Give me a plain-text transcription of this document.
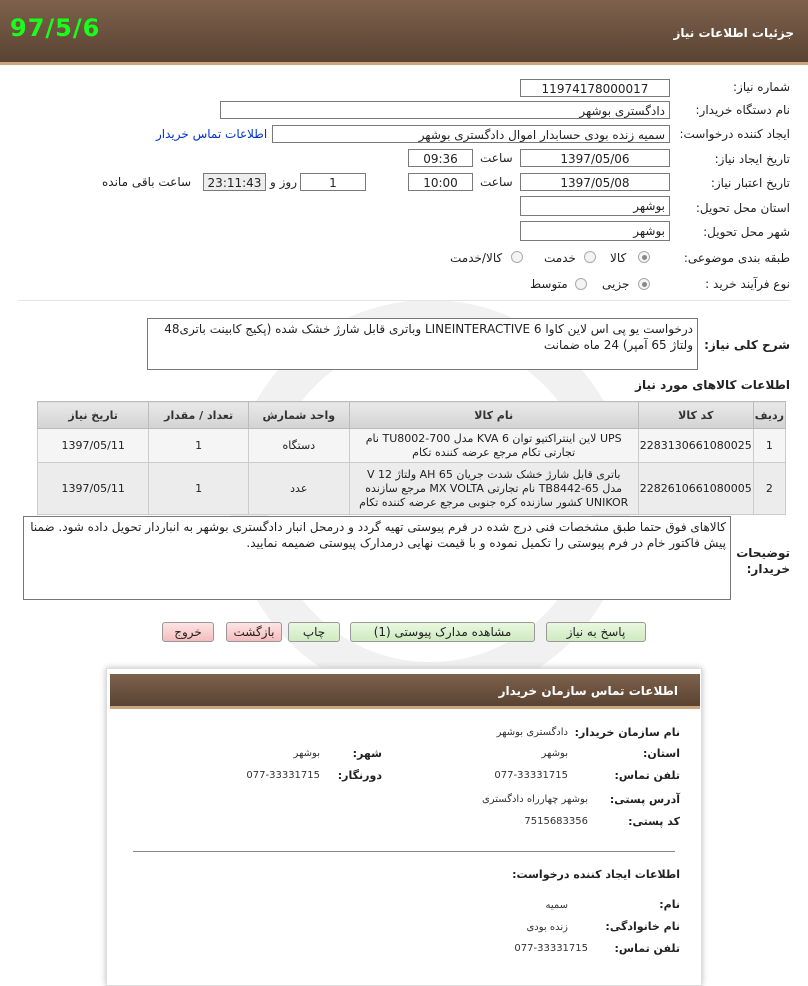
جزئیات اطلاعات نیاز
97/5/6
شماره نیاز:
11974178000017
نام دستگاه خریدار:
دادگستری بوشهر
ایجاد کننده درخواست:
سمیه زنده بودی حسابدار اموال دادگستری بوشهر
اطلاعات تماس خریدار
تاریخ ایجاد نیاز:
1397/05/06
ساعت
09:36
تاریخ اعتبار نیاز:
1397/05/08
ساعت
10:00
1
روز و
23:11:43
ساعت باقی مانده
استان محل تحویل:
بوشهر
شهر محل تحویل:
بوشهر
طبقه بندی موضوعی:
کالا
خدمت
کالا/خدمت
نوع فرآیند خرید :
جزیی
متوسط
شرح کلی نیاز:
درخواست یو پی اس لاین کاوا LINEINTERACTIVE 6 وباتری قابل شارژ خشک شده (پکیج کابینت باتری48 ولتاژ 65 آمپر) 24 ماه ضمانت
اطلاعات کالاهای مورد نیاز
ردیف	کد کالا	نام کالا	واحد شمارش	تعداد / مقدار	تاریخ نیاز
1	2283130661080025	UPS لاین اینتراکتیو توان 6 KVA مدل TU8002-700 نام تجارتی تکام مرجع عرضه کننده تکام	دستگاه	1	1397/05/11
2	2282610661080005	باتری قابل شارژ خشک شدت جریان 65 AH ولتاژ 12 V مدل TB8442-65 نام تجارتی MX VOLTA مرجع سازنده UNIKOR کشور سازنده کره جنوبی مرجع عرضه کننده تکام	عدد	1	1397/05/11
توضیحات خریدار:
کالاهای فوق حتما طبق مشخصات فنی درج شده در فرم پیوستی تهیه گردد و درمحل انبار دادگستری بوشهر به انباردار تحویل داده شود. ضمنا پیش فاکتور خام در فرم پیوستی را تکمیل نموده و با قیمت نهایی درمدارک پیوستی ضمیمه نمایید.
پاسخ به نیاز
مشاهده مدارک پیوستی (1)
چاپ
بازگشت
خروج
اطلاعات تماس سازمان خریدار
نام سازمان خریدار:
دادگستری بوشهر
استان:
بوشهر
شهر:
بوشهر
تلفن تماس:
077-33331715
دورنگار:
077-33331715
آدرس پستی:
بوشهر چهارراه دادگستری
کد پستی:
7515683356
اطلاعات ایجاد کننده درخواست:
نام:
سمیه
نام خانوادگی:
زنده بودی
تلفن تماس:
077-33331715
